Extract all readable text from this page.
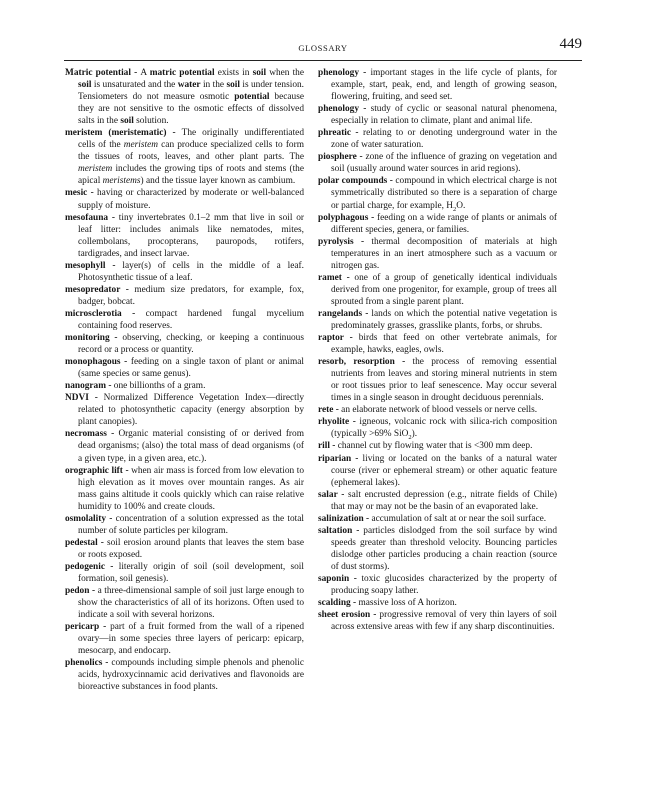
GLOSSARY	449

Matric potential - A matric potential exists in soil when the soil is unsaturated and the water in the soil is under tension. Tensiometers do not measure osmotic potential because they are not sensitive to the osmotic effects of dissolved salts in the soil solution.

meristem (meristematic) - The originally undifferentiated cells of the meristem can produce specialized cells to form the tissues of roots, leaves, and other plant parts. The meristem includes the growing tips of roots and stems (the apical meristems) and the tissue layer known as cambium.

mesic - having or characterized by moderate or well-balanced supply of moisture.

mesofauna - tiny invertebrates 0.1–2 mm that live in soil or leaf litter: includes animals like nematodes, mites, collembolans, procopterans, pauropods, rotifers, tardigrades, and insect larvae.

mesophyll - layer(s) of cells in the middle of a leaf. Photosynthetic tissue of a leaf.

mesopredator - medium size predators, for example, fox, badger, bobcat.

microsclerotia - compact hardened fungal mycelium containing food reserves.

monitoring - observing, checking, or keeping a continuous record or a process or quantity.

monophagous - feeding on a single taxon of plant or animal (same species or same genus).

nanogram - one billionths of a gram.

NDVI - Normalized Difference Vegetation Index—directly related to photosynthetic capacity (energy absorption by plant canopies).

necromass - Organic material consisting of or derived from dead organisms; (also) the total mass of dead organisms (of a given type, in a given area, etc.).

orographic lift - when air mass is forced from low elevation to high elevation as it moves over mountain ranges. As air mass gains altitude it cools quickly which can raise relative humidity to 100% and create clouds.

osmolality - concentration of a solution expressed as the total number of solute particles per kilogram.

pedestal - soil erosion around plants that leaves the stem base or roots exposed.

pedogenic - literally origin of soil (soil development, soil formation, soil genesis).

pedon - a three-dimensional sample of soil just large enough to show the characteristics of all of its horizons. Often used to indicate a soil with several horizons.

pericarp - part of a fruit formed from the wall of a ripened ovary—in some species three layers of pericarp: epicarp, mesocarp, and endocarp.

phenolics - compounds including simple phenols and phenolic acids, hydroxycinnamic acid derivatives and flavonoids are bioreactive substances in food plants.

phenology - important stages in the life cycle of plants, for example, start, peak, end, and length of growing season, flowering, fruiting, and seed set.

phenology - study of cyclic or seasonal natural phenomena, especially in relation to climate, plant and animal life.

phreatic - relating to or denoting underground water in the zone of water saturation.

piosphere - zone of the influence of grazing on vegetation and soil (usually around water sources in arid regions).

polar compounds - compound in which electrical charge is not symmetrically distributed so there is a separation of charge or partial charge, for example, $H_2O$.

polyphagous - feeding on a wide range of plants or animals of different species, genera, or families.

pyrolysis - thermal decomposition of materials at high temperatures in an inert atmosphere such as a vacuum or nitrogen gas.

ramet - one of a group of genetically identical individuals derived from one progenitor, for example, group of trees all sprouted from a single parent plant.

rangelands - lands on which the potential native vegetation is predominately grasses, grasslike plants, forbs, or shrubs.

raptor - birds that feed on other vertebrate animals, for example, hawks, eagles, owls.

resorb, resorption - the process of removing essential nutrients from leaves and storing mineral nutrients in stem or root tissues prior to leaf senescence. May occur several times in a single season in drought deciduous perennials.

rete - an elaborate network of blood vessels or nerve cells.

rhyolite - igneous, volcanic rock with silica-rich composition (typically >69% SiO$_2$).

rill - channel cut by flowing water that is <300 mm deep.

riparian - living or located on the banks of a natural water course (river or ephemeral stream) or other aquatic feature (ephemeral lakes).

salar - salt encrusted depression (e.g., nitrate fields of Chile) that may or may not be the basin of an evaporated lake.

salinization - accumulation of salt at or near the soil surface.

saltation - particles dislodged from the soil surface by wind speeds greater than threshold velocity. Bouncing particles dislodge other particles producing a chain reaction (source of dust storms).

saponin - toxic glucosides characterized by the property of producing soapy lather.

scalding - massive loss of A horizon.

sheet erosion - progressive removal of very thin layers of soil across extensive areas with few if any sharp discontinuities.
